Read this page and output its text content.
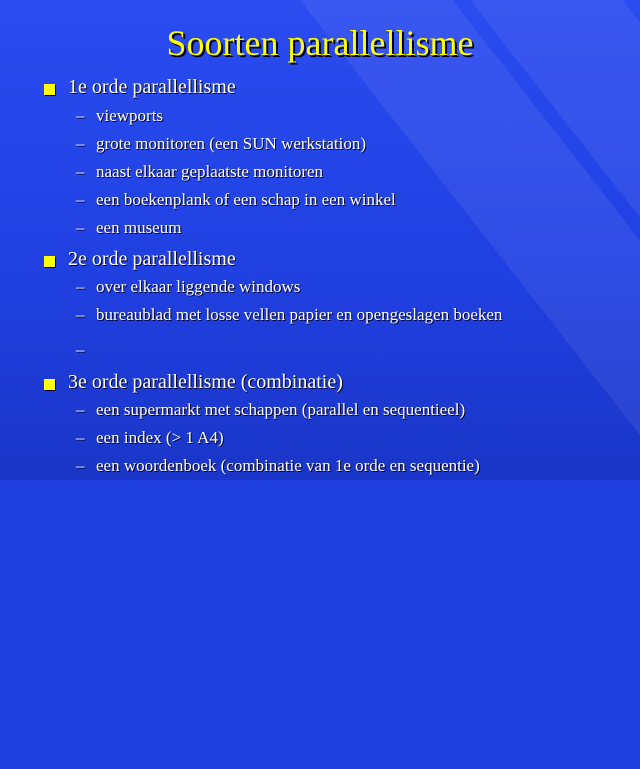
Soorten parallellisme
1e orde parallellisme
– viewports
– grote monitoren (een SUN werkstation)
– naast elkaar geplaatste monitoren
– een boekenplank of een schap in een winkel
– een museum
2e orde parallellisme
– over elkaar liggende windows
– bureaublad met losse vellen papier en opengeslagen boeken
–
3e orde parallellisme (combinatie)
– een supermarkt met schappen (parallel en sequentieel)
– een index (> 1 A4)
– een woordenboek (combinatie van 1e orde en sequentie)
